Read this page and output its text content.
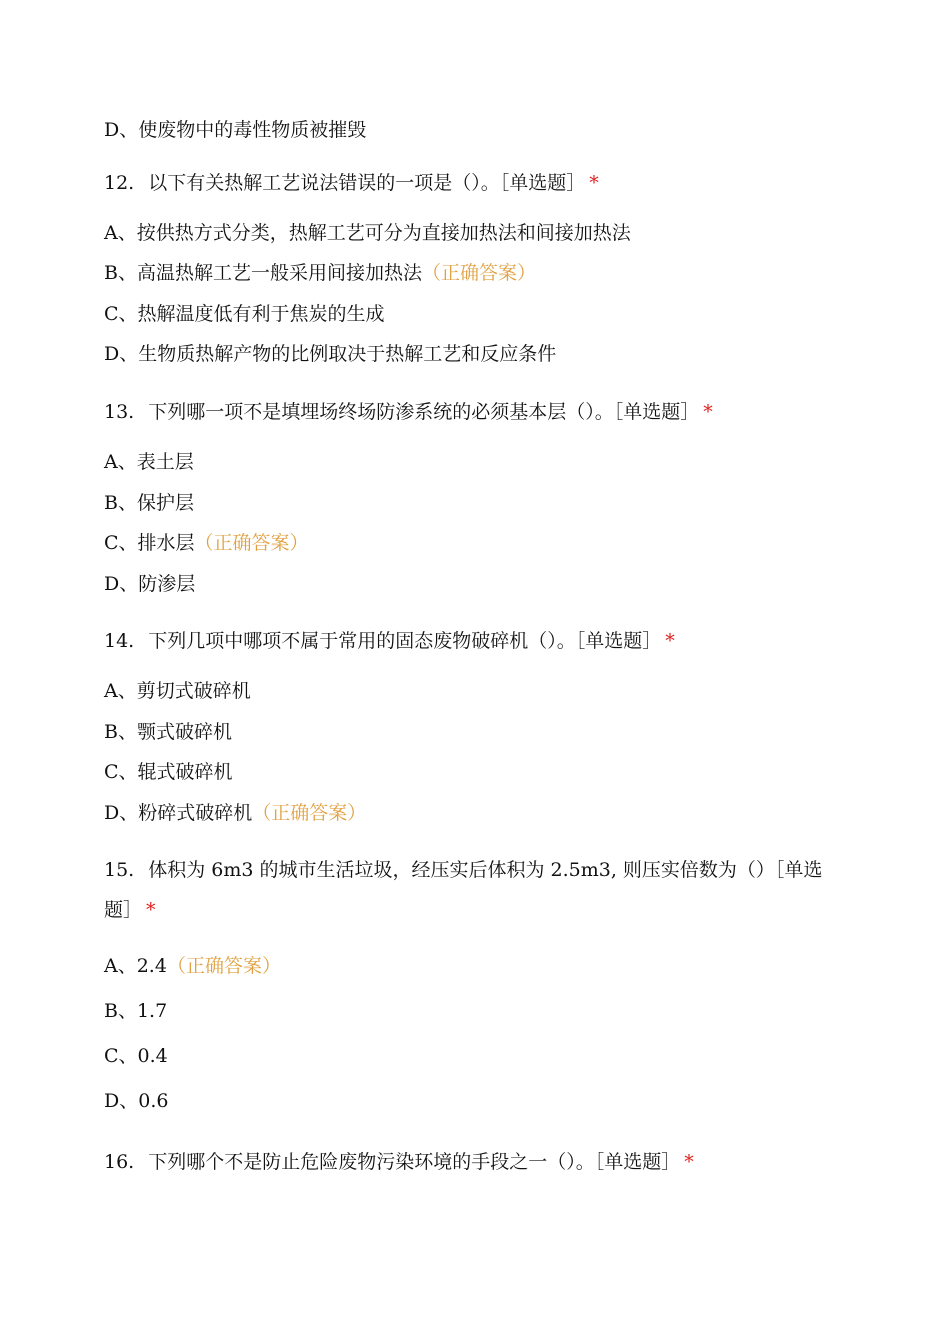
D、使废物中的毒性物质被摧毁
12. 以下有关热解工艺说法错误的一项是（）。［单选题］ *
A、按供热方式分类，热解工艺可分为直接加热法和间接加热法
B、高温热解工艺一般采用间接加热法（正确答案）
C、热解温度低有利于焦炭的生成
D、生物质热解产物的比例取决于热解工艺和反应条件
13. 下列哪一项不是填埋场终场防渗系统的必须基本层（）。［单选题］ *
A、表土层
B、保护层
C、排水层（正确答案）
D、防渗层
14. 下列几项中哪项不属于常用的固态废物破碎机（）。［单选题］ *
A、剪切式破碎机
B、颚式破碎机
C、辊式破碎机
D、粉碎式破碎机（正确答案）
15. 体积为 6m3 的城市生活垃圾，经压实后体积为 2.5m3, 则压实倍数为（）［单选题］ *
A、2.4（正确答案）
B、1.7
C、0.4
D、0.6
16. 下列哪个不是防止危险废物污染环境的手段之一（）。［单选题］ *
